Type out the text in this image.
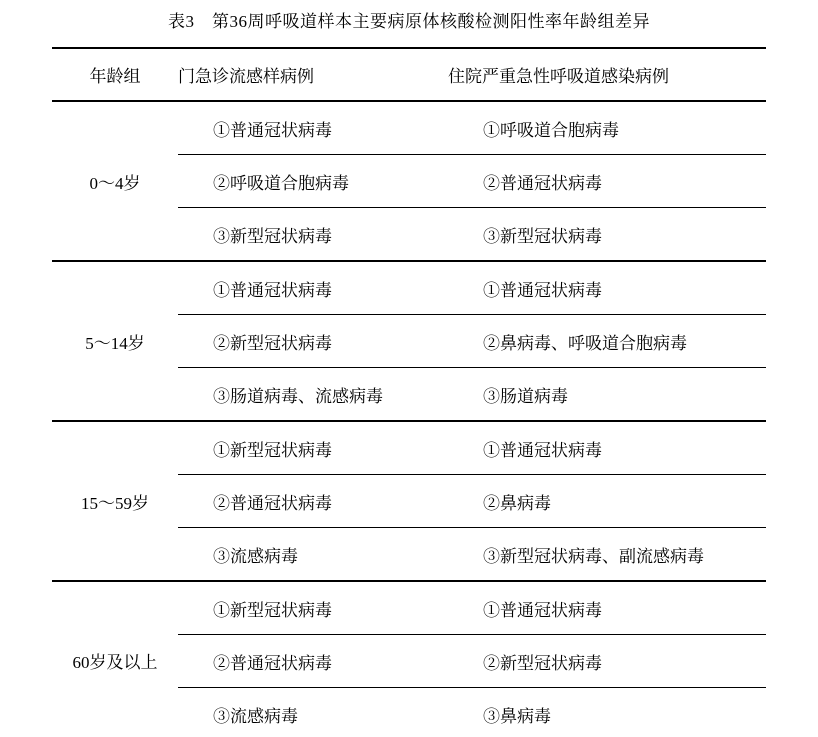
表3　第36周呼吸道样本主要病原体核酸检测阳性率年龄组差异
年龄组	门急诊流感样病例	住院严重急性呼吸道感染病例
0～4岁	①普通冠状病毒	①呼吸道合胞病毒
	②呼吸道合胞病毒	②普通冠状病毒
	③新型冠状病毒	③新型冠状病毒
5～14岁	①普通冠状病毒	①普通冠状病毒
	②新型冠状病毒	②鼻病毒、呼吸道合胞病毒
	③肠道病毒、流感病毒	③肠道病毒
15～59岁	①新型冠状病毒	①普通冠状病毒
	②普通冠状病毒	②鼻病毒
	③流感病毒	③新型冠状病毒、副流感病毒
60岁及以上	①新型冠状病毒	①普通冠状病毒
	②普通冠状病毒	②新型冠状病毒
	③流感病毒	③鼻病毒
